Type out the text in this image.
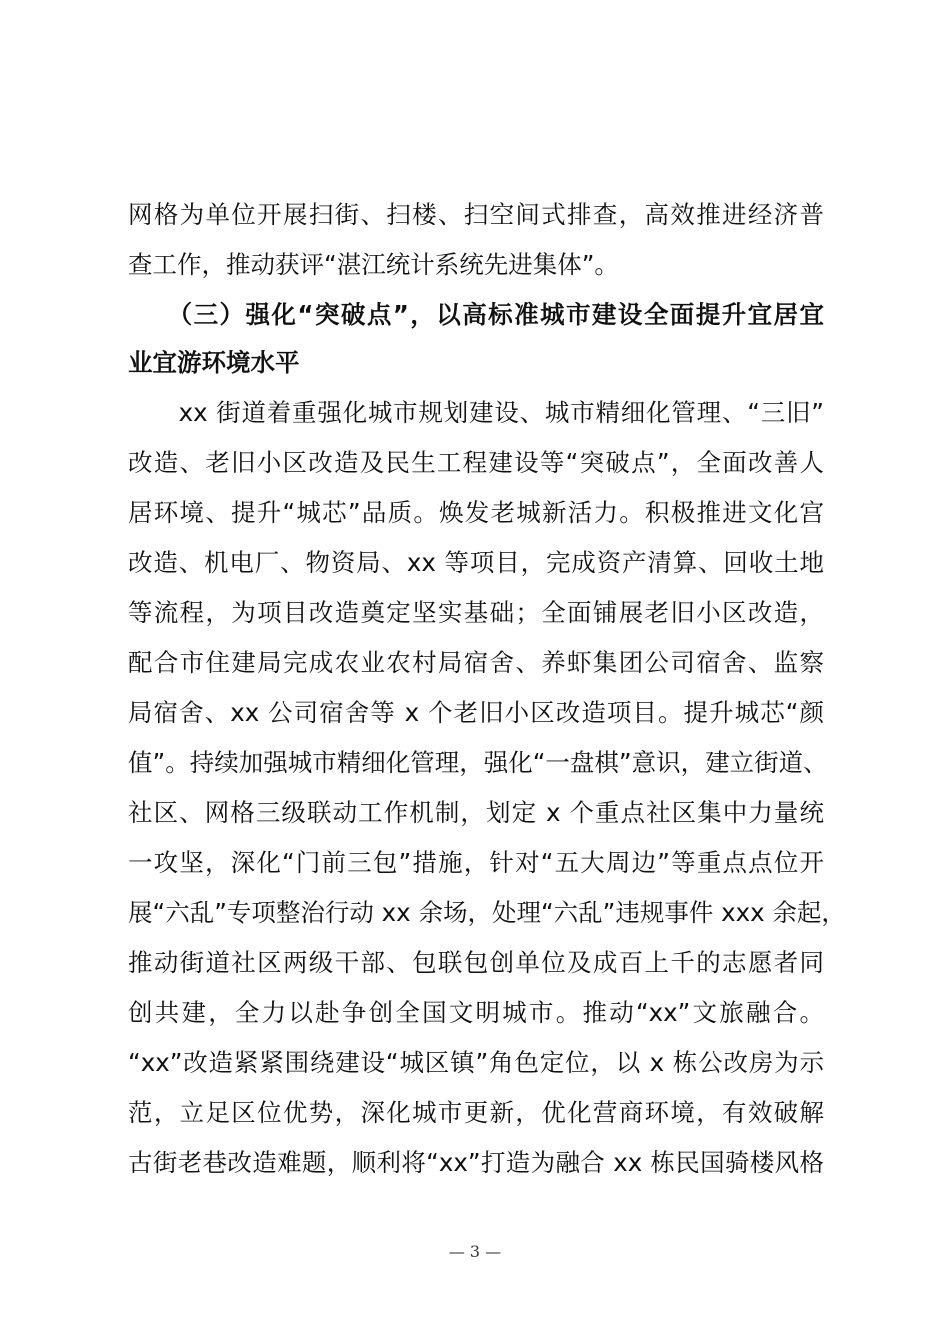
网格为单位开展扫街、扫楼、扫空间式排查，高效推进经济普
查工作，推动获评“湛江统计系统先进集体”。
　　（三）强化“突破点”，以高标准城市建设全面提升宜居宜
业宜游环境水平
　　xx 街道着重强化城市规划建设、城市精细化管理、“三旧”
改造、老旧小区改造及民生工程建设等“突破点”，全面改善人
居环境、提升“城芯”品质。焕发老城新活力。积极推进文化宫
改造、机电厂、物资局、xx 等项目，完成资产清算、回收土地
等流程，为项目改造奠定坚实基础；全面铺展老旧小区改造，
配合市住建局完成农业农村局宿舍、养虾集团公司宿舍、监察
局宿舍、xx 公司宿舍等 x 个老旧小区改造项目。提升城芯“颜
值”。持续加强城市精细化管理，强化“一盘棋”意识，建立街道、
社区、网格三级联动工作机制，划定 x 个重点社区集中力量统
一攻坚，深化“门前三包”措施，针对“五大周边”等重点点位开
展“六乱”专项整治行动 xx 余场，处理“六乱”违规事件 xxx 余起，
推动街道社区两级干部、包联包创单位及成百上千的志愿者同
创共建，全力以赴争创全国文明城市。推动“xx”文旅融合。
“xx”改造紧紧围绕建设“城区镇”角色定位，以 x 栋公改房为示
范，立足区位优势，深化城市更新，优化营商环境，有效破解
古街老巷改造难题，顺利将“xx”打造为融合 xx 栋民国骑楼风格
— 3 —
